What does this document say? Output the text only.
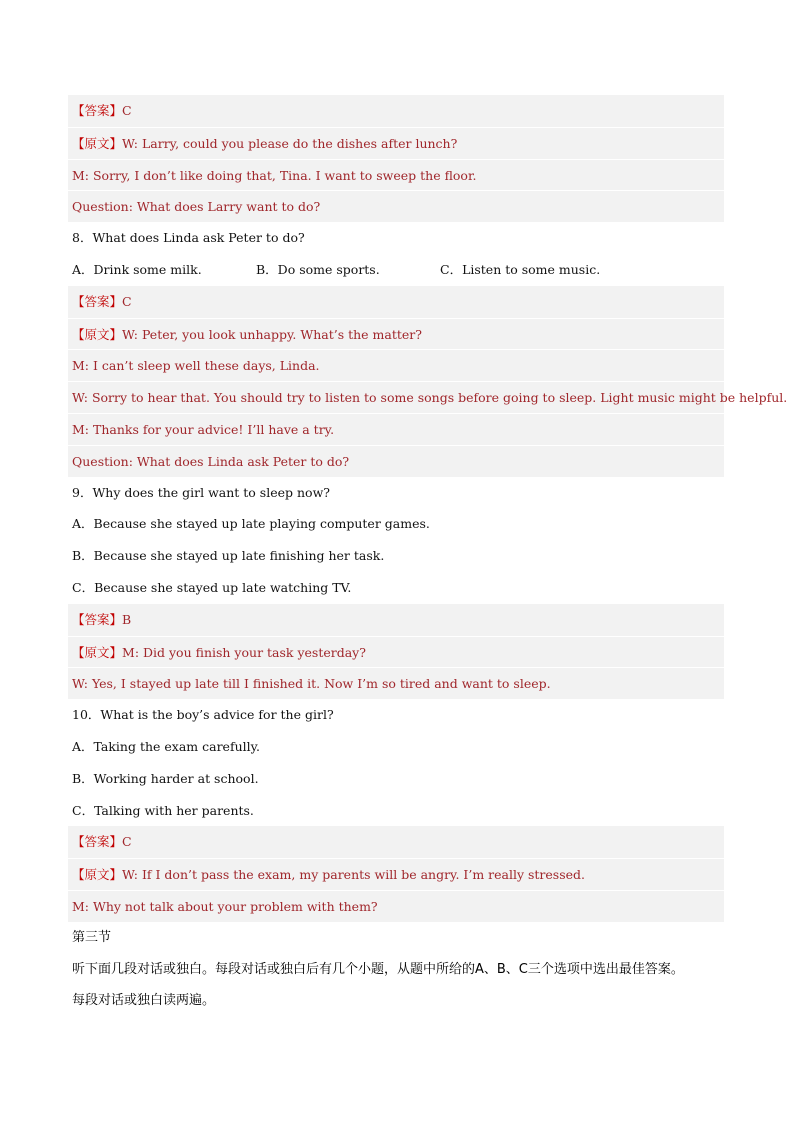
【答案】C
【原文】W: Larry, could you please do the dishes after lunch?
M: Sorry, I don’t like doing that, Tina. I want to sweep the floor.
Question: What does Larry want to do?
8．What does Linda ask Peter to do?
A．Drink some milk.	B．Do some sports.	C．Listen to some music.
【答案】C
【原文】W: Peter, you look unhappy. What’s the matter?
M: I can’t sleep well these days, Linda.
W: Sorry to hear that. You should try to listen to some songs before going to sleep. Light music might be helpful.
M: Thanks for your advice! I’ll have a try.
Question: What does Linda ask Peter to do?
9．Why does the girl want to sleep now?
A．Because she stayed up late playing computer games.
B．Because she stayed up late finishing her task.
C．Because she stayed up late watching TV.
【答案】B
【原文】M: Did you finish your task yesterday?
W: Yes, I stayed up late till I finished it. Now I’m so tired and want to sleep.
10．What is the boy’s advice for the girl?
A．Taking the exam carefully.
B．Working harder at school.
C．Talking with her parents.
【答案】C
【原文】W: If I don’t pass the exam, my parents will be angry. I’m really stressed.
M: Why not talk about your problem with them?
第三节
听下面几段对话或独白。每段对话或独白后有几个小题，从题中所给的A、B、C三个选项中选出最佳答案。
每段对话或独白读两遍。
